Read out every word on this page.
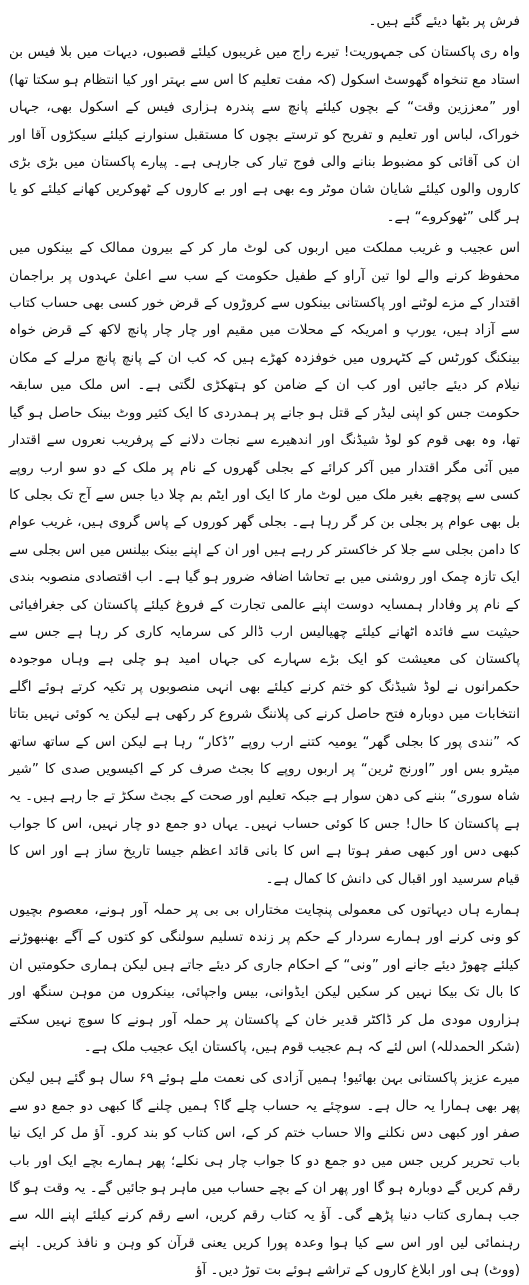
فرش پر بٹھا دیئے گئے ہیں۔

واہ ری پاکستان کی جمہوریت! تیرے راج میں غریبوں کیلئے قصبوں، دیہات میں بلا فیس بن استاد مع تنخواہ گھوسٹ اسکول (کہ مفت تعلیم کا اس سے بہتر اور کیا انتظام ہو سکتا تھا) اور ”معززین وقت“ کے بچوں کیلئے پانچ سے پندرہ ہزاری فیس کے اسکول بھی، جہاں خوراک، لباس اور تعلیم و تفریح کو ترستے بچوں کا مستقبل سنوارنے کیلئے سیکڑوں آقا اور ان کی آقائی کو مضبوط بنانے والی فوج تیار کی جارہی ہے۔ پیارے پاکستان میں بڑی بڑی کاروں والوں کیلئے شایان شان موٹر وے بھی ہے اور بے کاروں کے ٹھوکریں کھانے کیلئے کو یا ہر گلی ”ٹھوکروے“ ہے۔

اس عجیب و غریب مملکت میں اربوں کی لوٹ مار کر کے بیرون ممالک کے بینکوں میں محفوظ کرنے والے لوا تین آراو کے طفیل حکومت کے سب سے اعلیٰ عہدوں پر براجمان اقتدار کے مزے لوٹنے اور پاکستانی بینکوں سے کروڑوں کے قرض خور کسی بھی حساب کتاب سے آزاد ہیں، یورپ و امریکہ کے محلات میں مقیم اور چار چار پانچ لاکھ کے قرض خواہ بینکنگ کورٹس کے کٹہروں میں خوفزدہ کھڑے ہیں کہ کب ان کے پانچ پانچ مرلے کے مکان نیلام کر دیئے جائیں اور کب ان کے ضامن کو ہتھکڑی لگتی ہے۔ اس ملک میں سابقہ حکومت جس کو اپنی لیڈر کے قتل ہو جانے پر ہمدردی کا ایک کثیر ووٹ بینک حاصل ہو گیا تھا، وہ بھی قوم کو لوڈ شیڈنگ اور اندھیرے سے نجات دلانے کے پرفریب نعروں سے اقتدار میں آئی مگر اقتدار میں آکر کرائے کے بجلی گھروں کے نام پر ملک کے دو سو ارب روپے کسی سے پوچھے بغیر ملک میں لوٹ مار کا ایک اور ایٹم بم چلا دیا جس سے آج تک بجلی کا بل بھی عوام پر بجلی بن کر گر رہا ہے۔ بجلی گھر کوروں کے پاس گروی ہیں، غریب عوام کا دامن بجلی سے جلا کر خاکستر کر رہے ہیں اور ان کے اپنے بینک بیلنس میں اس بجلی سے ایک تازہ چمک اور روشنی میں بے تحاشا اضافہ ضرور ہو گیا ہے۔ اب اقتصادی منصوبہ بندی کے نام پر وفادار ہمسایہ دوست اپنے عالمی تجارت کے فروغ کیلئے پاکستان کی جغرافیائی حیثیت سے فائدہ اٹھانے کیلئے چھیالیس ارب ڈالر کی سرمایہ کاری کر رہا ہے جس سے پاکستان کی معیشت کو ایک بڑے سہارے کی جہاں امید ہو چلی ہے وہاں موجودہ حکمرانوں نے لوڈ شیڈنگ کو ختم کرنے کیلئے بھی انہی منصوبوں پر تکیہ کرتے ہوئے اگلے انتخابات میں دوبارہ فتح حاصل کرنے کی پلاننگ شروع کر رکھی ہے لیکن یہ کوئی نہیں بتاتا کہ ”نندی پور کا بجلی گھر“ یومیہ کتنے ارب روپے ”ڈکار“ رہا ہے لیکن اس کے ساتھ ساتھ میٹرو بس اور ”اورنج ٹرین“ پر اربوں روپے کا بجٹ صرف کر کے اکیسویں صدی کا ”شیر شاہ سوری“ بننے کی دھن سوار ہے جبکہ تعلیم اور صحت کے بجٹ سکڑ تے جا رہے ہیں۔ یہ ہے پاکستان کا حال! جس کا کوئی حساب نہیں۔ یہاں دو جمع دو چار نہیں، اس کا جواب کبھی دس اور کبھی صفر ہوتا ہے اس کا بانی قائد اعظم جیسا تاریخ ساز ہے اور اس کا قیام سرسید اور اقبال کی دانش کا کمال ہے۔

ہمارے ہاں دیہاتوں کی معمولی پنچایت مختاراں بی بی پر حملہ آور ہونے، معصوم بچیوں کو ونی کرنے اور ہمارے سردار کے حکم پر زندہ تسلیم سولنگی کو کتوں کے آگے بھنبھوڑنے کیلئے چھوڑ دیئے جانے اور ”ونی“ کے احکام جاری کر دیئے جاتے ہیں لیکن ہماری حکومتیں ان کا بال تک بیکا نہیں کر سکیں لیکن ایڈوانی، بیس واجپائی، بینکروں من موہن سنگھ اور ہزاروں مودی مل کر ڈاکٹر قدیر خان کے پاکستان پر حملہ آور ہونے کا سوچ نہیں سکتے (شکر الحمدللہ) اس لئے کہ ہم عجیب قوم ہیں، پاکستان ایک عجیب ملک ہے۔

میرے عزیز پاکستانی بہن بھائیو! ہمیں آزادی کی نعمت ملے ہوئے ۶۹ سال ہو گئے ہیں لیکن پھر بھی ہمارا یہ حال ہے۔ سوچئے یہ حساب چلے گا؟ ہمیں چلنے گا کبھی دو جمع دو سے صفر اور کبھی دس نکلنے والا حساب ختم کر کے، اس کتاب کو بند کرو۔ آؤ مل کر ایک نیا باب تحریر کریں جس میں دو جمع دو کا جواب چار ہی نکلے؛ پھر ہمارے بچے ایک اور باب رقم کریں گے دوبارہ ہو گا اور پھر ان کے بچے حساب میں ماہر ہو جائیں گے۔ یہ وقت ہو گا جب ہماری کتاب دنیا پڑھے گی۔ آؤ یہ کتاب رقم کریں، اسے رقم کرنے کیلئے اپنے اللہ سے رہنمائی لیں اور اس سے کیا ہوا وعدہ پورا کریں یعنی قرآن کو وہن و نافذ کریں۔ اپنے (ووٹ) ہی اور ابلاغ کاروں کے تراشے ہوئے بت توڑ دیں۔ آؤ
